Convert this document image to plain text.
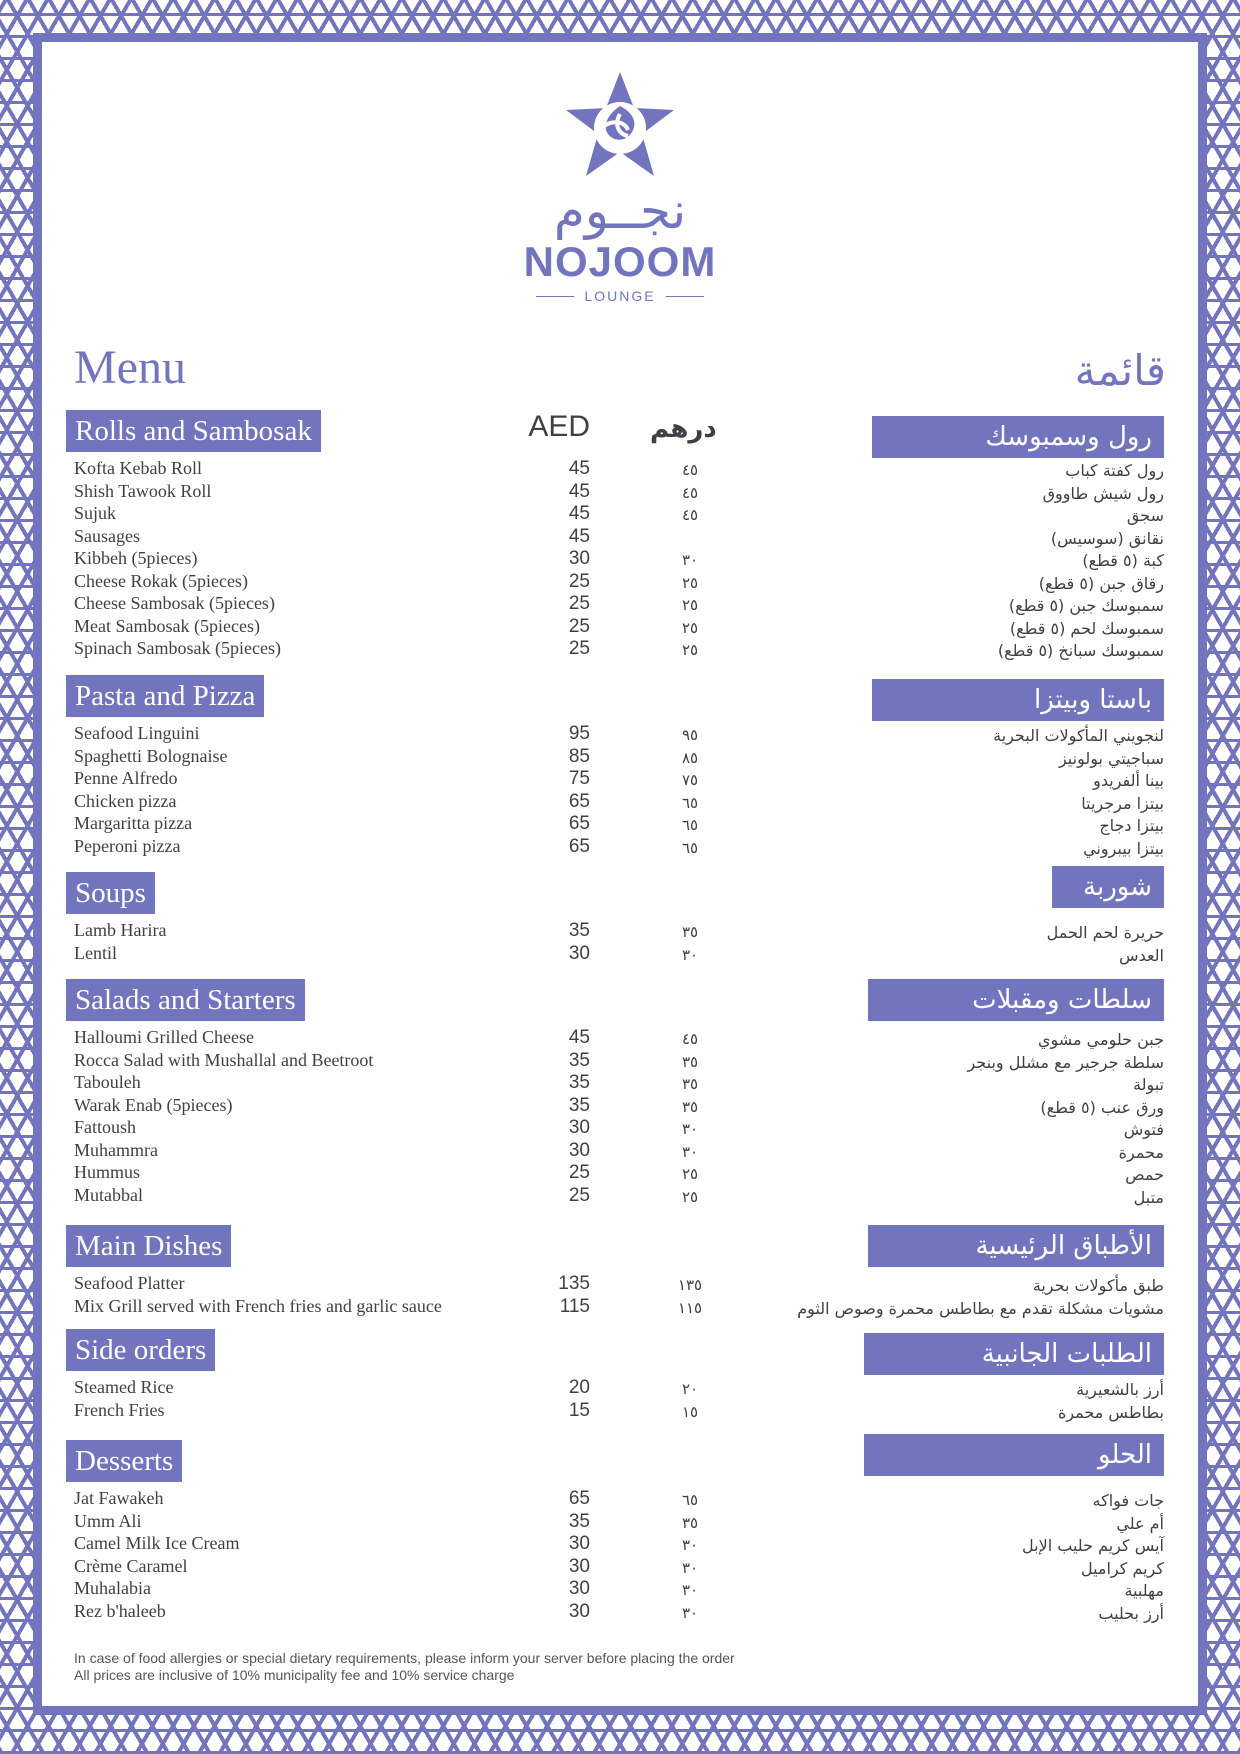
نجــوم
NOJOOM
LOUNGE
Menu	قائمة
AED درهم
Rolls and Sambosak	رول وسمبوسك
Kofta Kebab Roll	45	٤٥	رول كفتة كباب
Shish Tawook Roll	45	٤٥	رول شيش طاووق
Sujuk	45	٤٥	سجق
Sausages	45	نقانق (سوسيس)
Kibbeh (5pieces)	30	٣٠	كبة (٥ قطع)
Cheese Rokak (5pieces)	25	٢٥	رقاق جبن (٥ قطع)
Cheese Sambosak (5pieces)	25	٢٥	سمبوسك جبن (٥ قطع)
Meat Sambosak (5pieces)	25	٢٥	سمبوسك لحم (٥ قطع)
Spinach Sambosak (5pieces)	25	٢٥	سمبوسك سبانخ (٥ قطع)
Pasta and Pizza	باستا وبيتزا
Seafood Linguini	95	٩٥	لنجويني المأكولات البحرية
Spaghetti Bolognaise	85	٨٥	سباجيتي بولونيز
Penne Alfredo	75	٧٥	بينا ألفريدو
Chicken pizza	65	٦٥	بيتزا مرجريتا
Margaritta pizza	65	٦٥	بيتزا دجاج
Peperoni pizza	65	٦٥	بيتزا بيبروني
Soups	شوربة
Lamb Harira	35	٣٥	حريرة لحم الحمل
Lentil	30	٣٠	العدس
Salads and Starters	سلطات ومقبلات
Halloumi Grilled Cheese	45	٤٥	جبن حلومي مشوي
Rocca Salad with Mushallal and Beetroot	35	٣٥	سلطة جرجير مع مشلل وبنجر
Tabouleh	35	٣٥	تبولة
Warak Enab (5pieces)	35	٣٥	ورق عنب (٥ قطع)
Fattoush	30	٣٠	فتوش
Muhammra	30	٣٠	محمرة
Hummus	25	٢٥	حمص
Mutabbal	25	٢٥	متبل
Main Dishes	الأطباق الرئيسية
Seafood Platter	135	١٣٥	طبق مأكولات بحرية
Mix Grill served with French fries and garlic sauce	115	١١٥	مشويات مشكلة تقدم مع بطاطس محمرة وصوص الثوم
Side orders	الطلبات الجانبية
Steamed Rice	20	٢٠	أرز بالشعيرية
French Fries	15	١٥	بطاطس محمرة
Desserts	الحلو
Jat Fawakeh	65	٦٥	جات فواكه
Umm Ali	35	٣٥	أم علي
Camel Milk Ice Cream	30	٣٠	آيس كريم حليب الإبل
Crème Caramel	30	٣٠	كريم كراميل
Muhalabia	30	٣٠	مهلبية
Rez b'haleeb	30	٣٠	أرز بحليب
In case of food allergies or special dietary requirements, please inform your server before placing the order
All prices are inclusive of 10% municipality fee and 10% service charge
